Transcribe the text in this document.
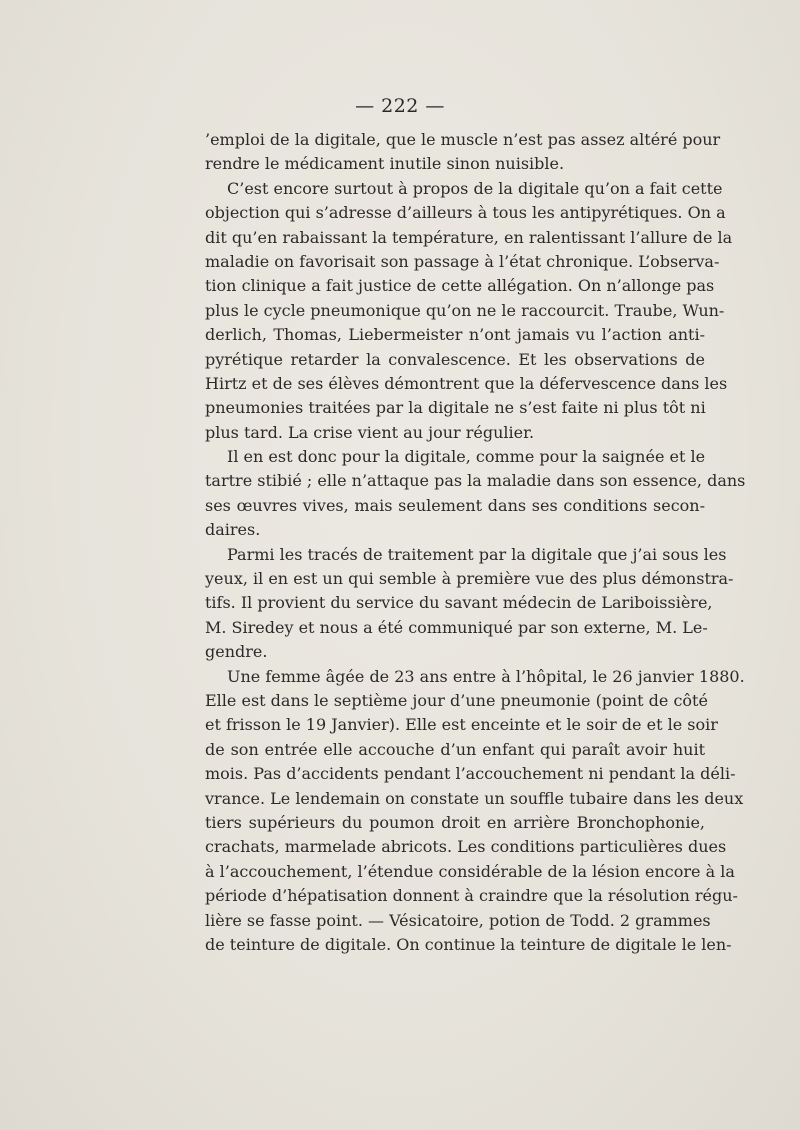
— 222 —
’emploi de la digitale, que le muscle n’est pas assez altéré pour
rendre le médicament inutile sinon nuisible.
C’est encore surtout à propos de la digitale qu’on a fait cette
objection qui s’adresse d’ailleurs à tous les antipyrétiques. On a
dit qu’en rabaissant la température, en ralentissant l’allure de la
maladie on favorisait son passage à l’état chronique. L’observa-
tion clinique a fait justice de cette allégation. On n’allonge pas
plus le cycle pneumonique qu’on ne le raccourcit. Traube, Wun-
derlich, Thomas, Liebermeister n’ont jamais vu l’action anti-
pyrétique retarder la convalescence. Et les observations de
Hirtz et de ses élèves démontrent que la défervescence dans les
pneumonies traitées par la digitale ne s’est faite ni plus tôt ni
plus tard. La crise vient au jour régulier.
Il en est donc pour la digitale, comme pour la saignée et le
tartre stibié ; elle n’attaque pas la maladie dans son essence, dans
ses œuvres vives, mais seulement dans ses conditions secon-
daires.
Parmi les tracés de traitement par la digitale que j’ai sous les
yeux, il en est un qui semble à première vue des plus démonstra-
tifs. Il provient du service du savant médecin de Lariboissière,
M. Siredey et nous a été communiqué par son externe, M. Le-
gendre.
Une femme âgée de 23 ans entre à l’hôpital, le 26 janvier 1880.
Elle est dans le septième jour d’une pneumonie (point de côté
et frisson le 19 Janvier). Elle est enceinte et le soir de et le soir
de son entrée elle accouche d’un enfant qui paraît avoir huit
mois. Pas d’accidents pendant l’accouchement ni pendant la déli-
vrance. Le lendemain on constate un souffle tubaire dans les deux
tiers supérieurs du poumon droit en arrière Bronchophonie,
crachats, marmelade abricots. Les conditions particulières dues
à l’accouchement, l’étendue considérable de la lésion encore à la
période d’hépatisation donnent à craindre que la résolution régu-
lière se fasse point. — Vésicatoire, potion de Todd. 2 grammes
de teinture de digitale. On continue la teinture de digitale le len-
